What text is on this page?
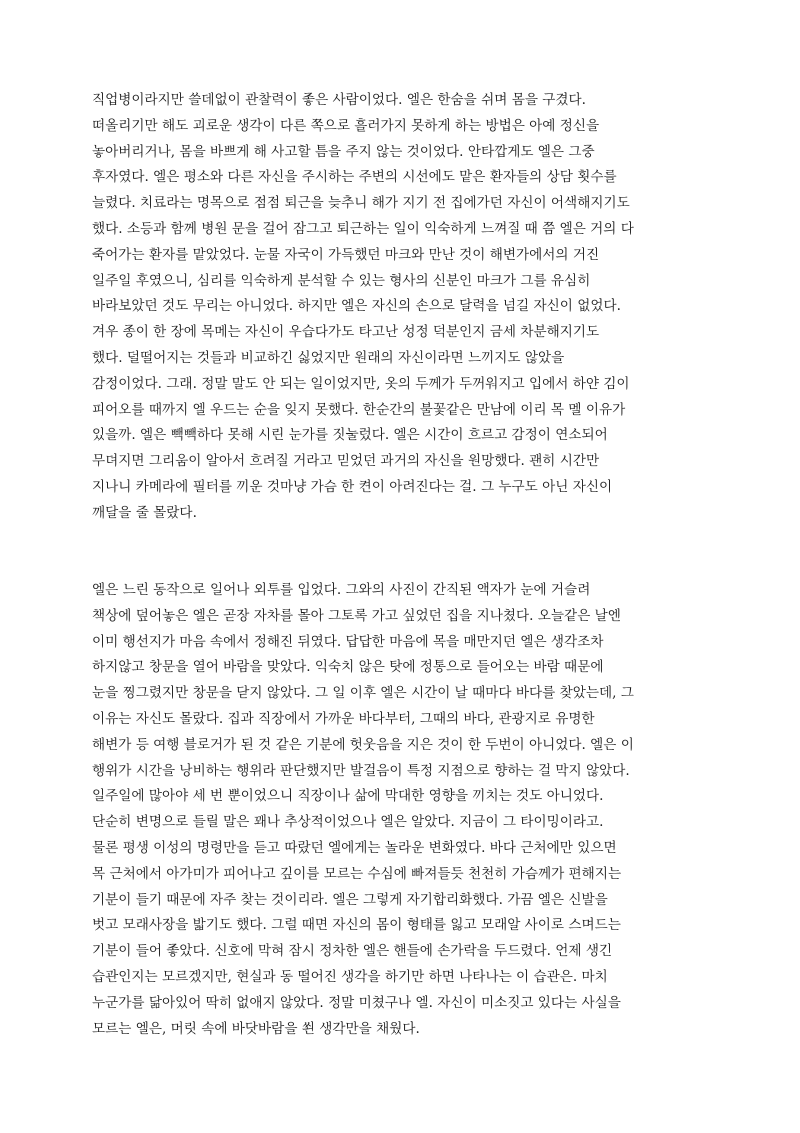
직업병이라지만 쓸데없이 관찰력이 좋은 사람이었다. 엘은 한숨을 쉬며 몸을 구겼다.
떠올리기만 해도 괴로운 생각이 다른 쪽으로 흘러가지 못하게 하는 방법은 아예 정신을
놓아버리거나, 몸을 바쁘게 해 사고할 틈을 주지 않는 것이었다. 안타깝게도 엘은 그중
후자였다. 엘은 평소와 다른 자신을 주시하는 주변의 시선에도 맡은 환자들의 상담 횟수를
늘렸다. 치료라는 명목으로 점점 퇴근을 늦추니 해가 지기 전 집에가던 자신이 어색해지기도
했다. 소등과 함께 병원 문을 걸어 잠그고 퇴근하는 일이 익숙하게 느껴질 때 쯤 엘은 거의 다
죽어가는 환자를 맡았었다. 눈물 자국이 가득했던 마크와 만난 것이 해변가에서의 거진
일주일 후였으니, 심리를 익숙하게 분석할 수 있는 형사의 신분인 마크가 그를 유심히
바라보았던 것도 무리는 아니었다. 하지만 엘은 자신의 손으로 달력을 넘길 자신이 없었다.
겨우 종이 한 장에 목메는 자신이 우습다가도 타고난 성정 덕분인지 금세 차분해지기도
했다. 덜떨어지는 것들과 비교하긴 싫었지만 원래의 자신이라면 느끼지도 않았을
감정이었다. 그래. 정말 말도 안 되는 일이었지만, 옷의 두께가 두꺼워지고 입에서 하얀 김이
피어오를 때까지 엘 우드는 순을 잊지 못했다. 한순간의 불꽃같은 만남에 이리 목 멜 이유가
있을까. 엘은 빽빽하다 못해 시린 눈가를 짓눌렀다. 엘은 시간이 흐르고 감정이 연소되어
무뎌지면 그리움이 알아서 흐려질 거라고 믿었던 과거의 자신을 원망했다. 괜히 시간만
지나니 카메라에 필터를 끼운 것마냥 가슴 한 켠이 아려진다는 걸. 그 누구도 아닌 자신이
깨달을 줄 몰랐다.
엘은 느린 동작으로 일어나 외투를 입었다. 그와의 사진이 간직된 액자가 눈에 거슬려
책상에 덮어놓은 엘은 곧장 자차를 몰아 그토록 가고 싶었던 집을 지나쳤다. 오늘같은 날엔
이미 행선지가 마음 속에서 정해진 뒤였다. 답답한 마음에 목을 매만지던 엘은 생각조차
하지않고 창문을 열어 바람을 맞았다. 익숙치 않은 탓에 정통으로 들어오는 바람 때문에
눈을 찡그렸지만 창문을 닫지 않았다. 그 일 이후 엘은 시간이 날 때마다 바다를 찾았는데, 그
이유는 자신도 몰랐다. 집과 직장에서 가까운 바다부터, 그때의 바다, 관광지로 유명한
해변가 등 여행 블로거가 된 것 같은 기분에 헛웃음을 지은 것이 한 두번이 아니었다. 엘은 이
행위가 시간을 낭비하는 행위라 판단했지만 발걸음이 특정 지점으로 향하는 걸 막지 않았다.
일주일에 많아야 세 번 뿐이었으니 직장이나 삶에 막대한 영향을 끼치는 것도 아니었다.
단순히 변명으로 들릴 말은 꽤나 추상적이었으나 엘은 알았다. 지금이 그 타이밍이라고.
물론 평생 이성의 명령만을 듣고 따랐던 엘에게는 놀라운 변화였다. 바다 근처에만 있으면
목 근처에서 아가미가 피어나고 깊이를 모르는 수심에 빠져들듯 천천히 가슴께가 편해지는
기분이 들기 때문에 자주 찾는 것이리라. 엘은 그렇게 자기합리화했다. 가끔 엘은 신발을
벗고 모래사장을 밟기도 했다. 그럴 때면 자신의 몸이 형태를 잃고 모래알 사이로 스며드는
기분이 들어 좋았다. 신호에 막혀 잠시 정차한 엘은 핸들에 손가락을 두드렸다. 언제 생긴
습관인지는 모르겠지만, 현실과 동 떨어진 생각을 하기만 하면 나타나는 이 습관은. 마치
누군가를 닮아있어 딱히 없애지 않았다. 정말 미쳤구나 엘. 자신이 미소짓고 있다는 사실을
모르는 엘은, 머릿 속에 바닷바람을 쐰 생각만을 채웠다.
